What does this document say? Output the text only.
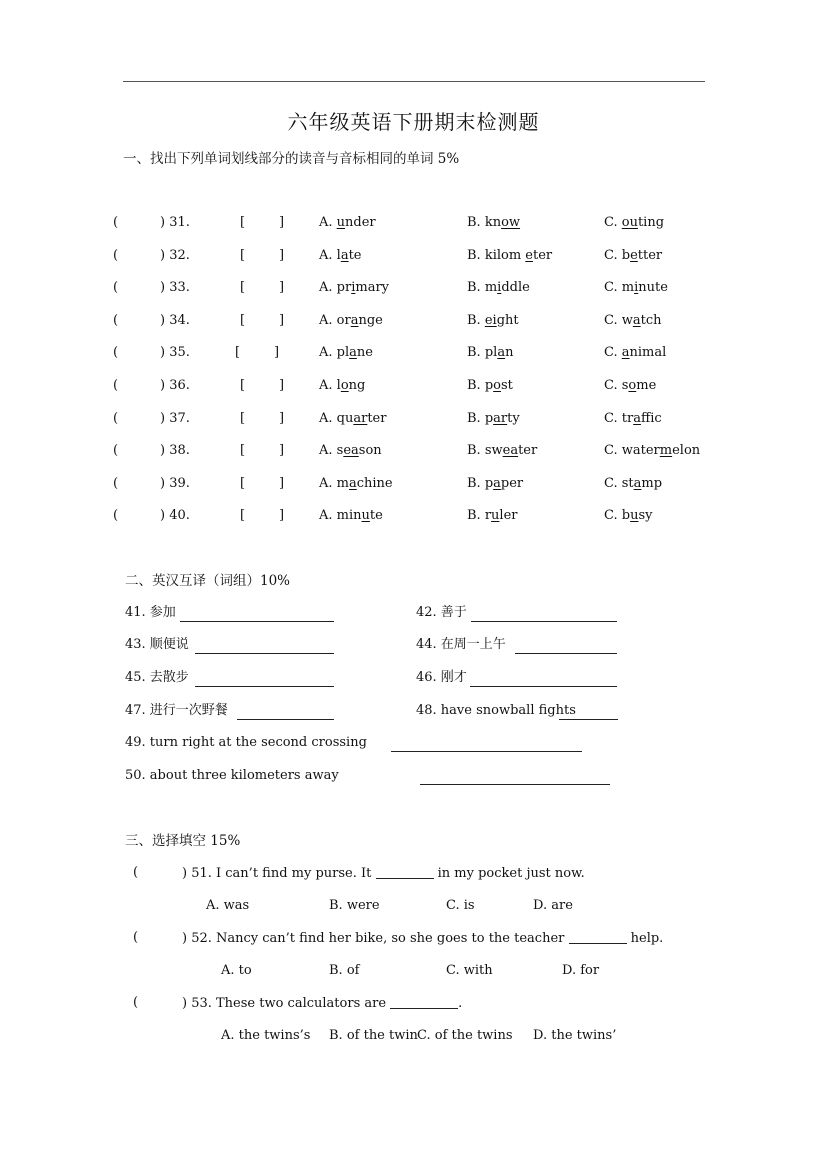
六年级英语下册期末检测题
一、找出下列单词划线部分的读音与音标相同的单词 5%
(	) 31.	[	]	A. under	B. know	C. outing
(	) 32.	[	]	A. late	B. kilom eter	C. better
(	) 33.	[	]	A. primary	B. middle	C. minute
(	) 34.	[	]	A. orange	B. eight	C. watch
(	) 35.	[	]	A. plane	B. plan	C. animal
(	) 36.	[	]	A. long	B. post	C. some
(	) 37.	[	]	A. quarter	B. party	C. traffic
(	) 38.	[	]	A. season	B. sweater	C. watermelon
(	) 39.	[	]	A. machine	B. paper	C. stamp
(	) 40.	[	]	A. minute	B. ruler	C. busy
二、英汉互译（词组）10%
41. 参加	42. 善于
43. 顺便说	44. 在周一上午
45. 去散步	46. 刚才
47. 进行一次野餐	48. have snowball fights
49. turn right at the second crossing
50. about three kilometers away
三、选择填空 15%
(	) 51. I can’t find my purse. It	in my pocket just now.
A. was	B. were	C. is	D. are
(	) 52. Nancy can’t find her bike, so she goes to the teacher	help.
A. to	B. of	C. with	D. for
(	) 53. These two calculators are	.
A. the twins’s B. of the twin C. of the twins D. the twins’
